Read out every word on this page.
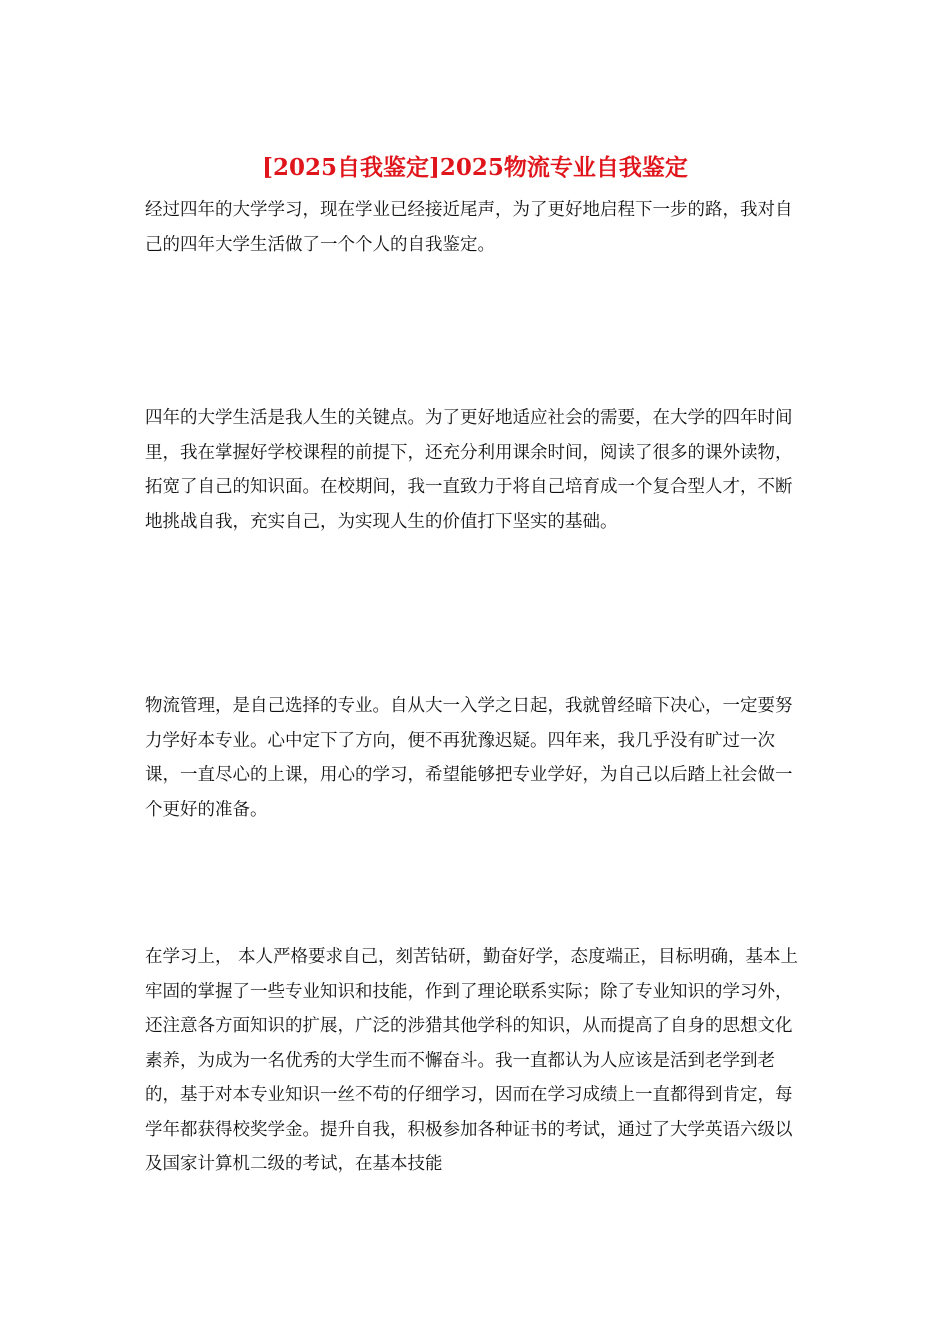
[2025自我鉴定]2025物流专业自我鉴定

经过四年的大学学习，现在学业已经接近尾声，为了更好地启程下一步的路，我对自己的四年大学生活做了一个个人的自我鉴定。

四年的大学生活是我人生的关键点。为了更好地适应社会的需要，在大学的四年时间里，我在掌握好学校课程的前提下，还充分利用课余时间，阅读了很多的课外读物，拓宽了自己的知识面。在校期间，我一直致力于将自己培育成一个复合型人才，不断地挑战自我，充实自己，为实现人生的价值打下坚实的基础。

物流管理，是自己选择的专业。自从大一入学之日起，我就曾经暗下决心，一定要努力学好本专业。心中定下了方向，便不再犹豫迟疑。四年来，我几乎没有旷过一次课，一直尽心的上课，用心的学习，希望能够把专业学好，为自己以后踏上社会做一个更好的准备。

在学习上， 本人严格要求自己，刻苦钻研，勤奋好学，态度端正，目标明确，基本上牢固的掌握了一些专业知识和技能，作到了理论联系实际；除了专业知识的学习外，还注意各方面知识的扩展，广泛的涉猎其他学科的知识，从而提高了自身的思想文化素养，为成为一名优秀的大学生而不懈奋斗。我一直都认为人应该是活到老学到老的，基于对本专业知识一丝不苟的仔细学习，因而在学习成绩上一直都得到肯定，每学年都获得校奖学金。提升自我，积极参加各种证书的考试，通过了大学英语六级以及国家计算机二级的考试，在基本技能
